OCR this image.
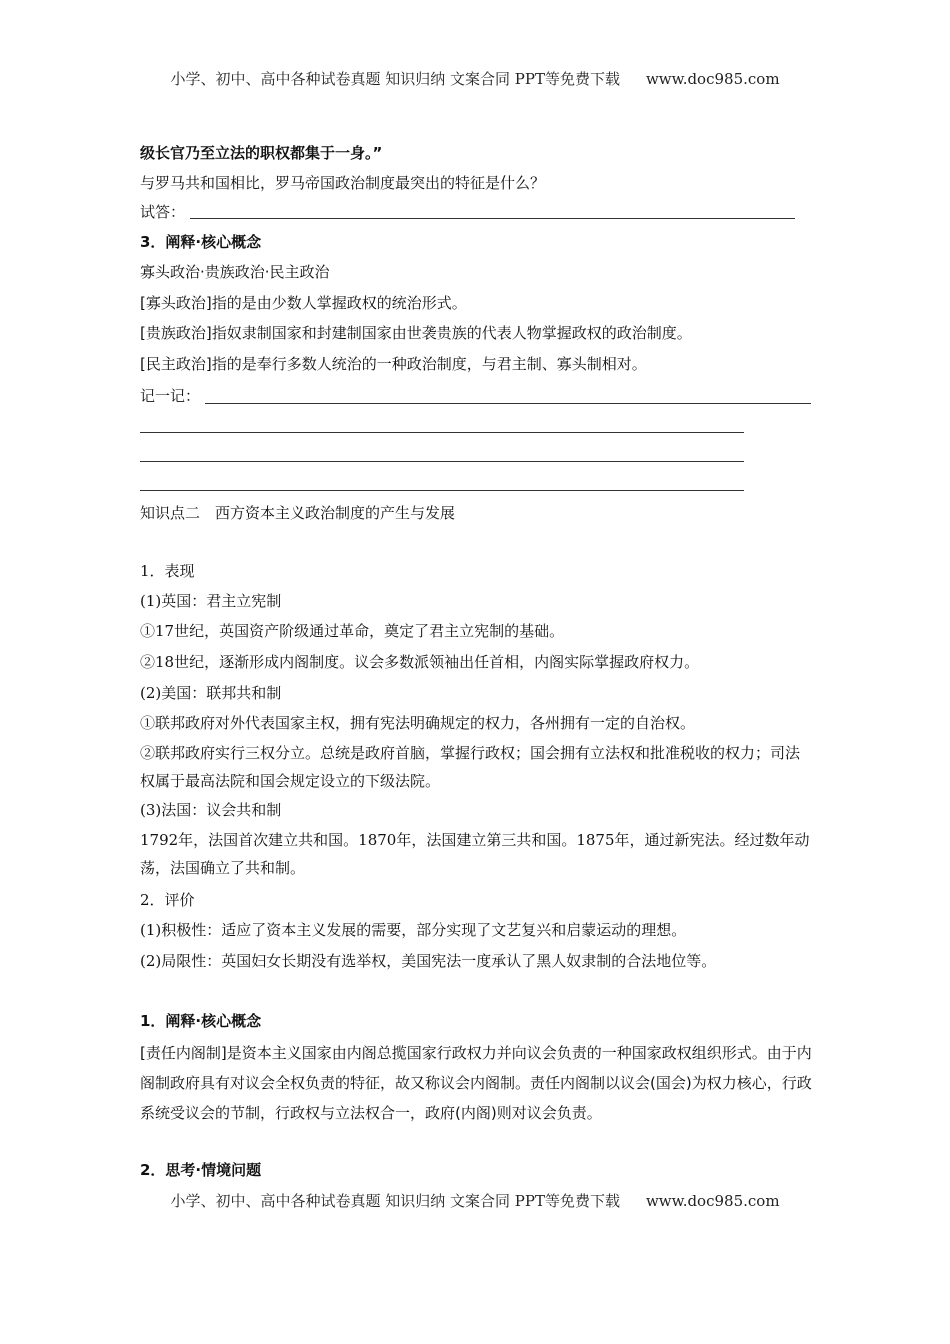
小学、初中、高中各种试卷真题 知识归纳 文案合同 PPT等免费下载 www.doc985.com
级长官乃至立法的职权都集于一身。”
与罗马共和国相比，罗马帝国政治制度最突出的特征是什么？
试答：
3．阐释·核心概念
寡头政治·贵族政治·民主政治
[寡头政治]指的是由少数人掌握政权的统治形式。
[贵族政治]指奴隶制国家和封建制国家由世袭贵族的代表人物掌握政权的政治制度。
[民主政治]指的是奉行多数人统治的一种政治制度，与君主制、寡头制相对。
记一记：
知识点二　西方资本主义政治制度的产生与发展
1．表现
(1)英国：君主立宪制
①17世纪，英国资产阶级通过革命，奠定了君主立宪制的基础。
②18世纪，逐渐形成内阁制度。议会多数派领袖出任首相，内阁实际掌握政府权力。
(2)美国：联邦共和制
①联邦政府对外代表国家主权，拥有宪法明确规定的权力，各州拥有一定的自治权。
②联邦政府实行三权分立。总统是政府首脑，掌握行政权；国会拥有立法权和批准税收的权力；司法权属于最高法院和国会规定设立的下级法院。
(3)法国：议会共和制
1792年，法国首次建立共和国。1870年，法国建立第三共和国。1875年，通过新宪法。经过数年动荡，法国确立了共和制。
2．评价
(1)积极性：适应了资本主义发展的需要，部分实现了文艺复兴和启蒙运动的理想。
(2)局限性：英国妇女长期没有选举权，美国宪法一度承认了黑人奴隶制的合法地位等。
1．阐释·核心概念
[责任内阁制]是资本主义国家由内阁总揽国家行政权力并向议会负责的一种国家政权组织形式。由于内阁制政府具有对议会全权负责的特征，故又称议会内阁制。责任内阁制以议会(国会)为权力核心，行政系统受议会的节制，行政权与立法权合一，政府(内阁)则对议会负责。
2．思考·情境问题
小学、初中、高中各种试卷真题 知识归纳 文案合同 PPT等免费下载 www.doc985.com
